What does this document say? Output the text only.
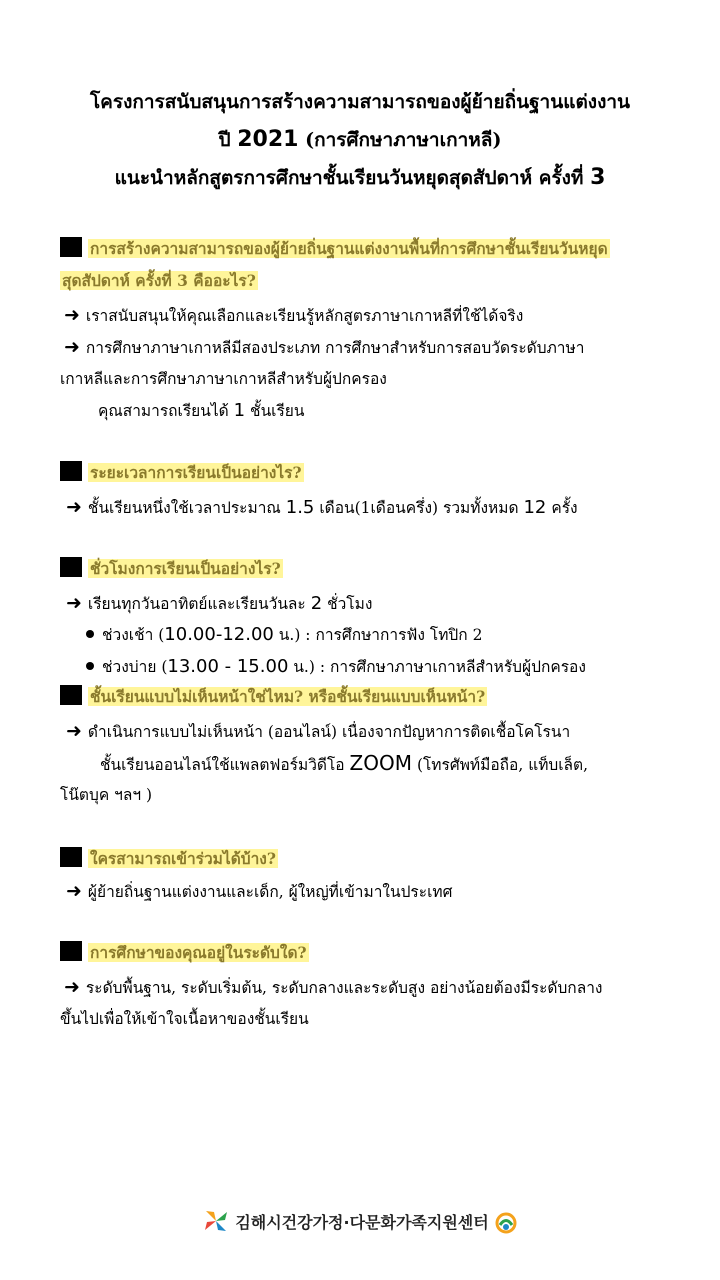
โครงการสนับสนุนการสร้างความสามารถของผู้ย้ายถิ่นฐานแต่งงาน
ปี 2021 (การศึกษาภาษาเกาหลี)
แนะนำหลักสูตรการศึกษาชั้นเรียนวันหยุดสุดสัปดาห์ ครั้งที่ 3
การสร้างความสามารถของผู้ย้ายถิ่นฐานแต่งงานพื้นที่การศึกษาชั้นเรียนวันหยุด
สุดสัปดาห์ ครั้งที่ 3 คืออะไร?
➜ เราสนับสนุนให้คุณเลือกและเรียนรู้หลักสูตรภาษาเกาหลีที่ใช้ได้จริง
➜ การศึกษาภาษาเกาหลีมีสองประเภท การศึกษาสำหรับการสอบวัดระดับภาษา
เกาหลีและการศึกษาภาษาเกาหลีสำหรับผู้ปกครอง
คุณสามารถเรียนได้ 1 ชั้นเรียน
ระยะเวลาการเรียนเป็นอย่างไร?
➜ ชั้นเรียนหนึ่งใช้เวลาประมาณ 1.5 เดือน(1เดือนครึ่ง) รวมทั้งหมด 12 ครั้ง
ชั่วโมงการเรียนเป็นอย่างไร?
➜ เรียนทุกวันอาทิตย์และเรียนวันละ 2 ชั่วโมง
ช่วงเช้า (10.00-12.00 น.) : การศึกษาการฟัง โทปิก 2
ช่วงบ่าย (13.00 - 15.00 น.) : การศึกษาภาษาเกาหลีสำหรับผู้ปกครอง
ชั้นเรียนแบบไม่เห็นหน้าใช่ไหม? หรือชั้นเรียนแบบเห็นหน้า?
➜ ดำเนินการแบบไม่เห็นหน้า (ออนไลน์) เนื่องจากปัญหาการติดเชื้อโคโรนา
ชั้นเรียนออนไลน์ใช้แพลตฟอร์มวิดีโอ ZOOM (โทรศัพท์มือถือ, แท็บเล็ต,
โน๊ตบุค ฯลฯ )
ใครสามารถเข้าร่วมได้บ้าง?
➜ ผู้ย้ายถิ่นฐานแต่งงานและเด็ก, ผู้ใหญ่ที่เข้ามาในประเทศ
การศึกษาของคุณอยู่ในระดับใด?
➜ ระดับพื้นฐาน, ระดับเริ่มต้น, ระดับกลางและระดับสูง อย่างน้อยต้องมีระดับกลาง
ขึ้นไปเพื่อให้เข้าใจเนื้อหาของชั้นเรียน
김해시건강가정·다문화가족지원센터
